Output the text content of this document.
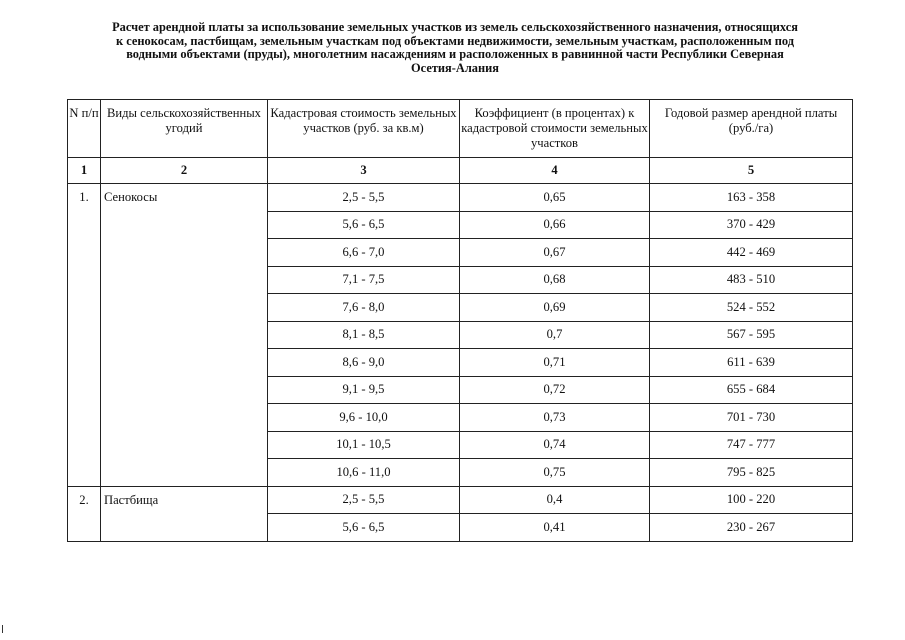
Расчет арендной платы за использование земельных участков из земель сельскохозяйственного назначения, относящихся
к сенокосам, пастбищам, земельным участкам под объектами недвижимости, земельным участкам, расположенным под
водными объектами (пруды), многолетним насаждениям и расположенных в равнинной части Республики Северная
Осетия-Алания
N п/п	Виды сельскохозяйственных угодий	Кадастровая стоимость земельных участков (руб. за кв.м)	Коэффициент (в процентах) к кадастровой стоимости земельных участков	Годовой размер арендной платы (руб./га)
1	2	3	4	5
1.	Сенокосы	2,5 - 5,5	0,65	163 - 358
		5,6 - 6,5	0,66	370 - 429
		6,6 - 7,0	0,67	442 - 469
		7,1 - 7,5	0,68	483 - 510
		7,6 - 8,0	0,69	524 - 552
		8,1 - 8,5	0,7	567 - 595
		8,6 - 9,0	0,71	611 - 639
		9,1 - 9,5	0,72	655 - 684
		9,6 - 10,0	0,73	701 - 730
		10,1 - 10,5	0,74	747 - 777
		10,6 - 11,0	0,75	795 - 825
2.	Пастбища	2,5 - 5,5	0,4	100 - 220
		5,6 - 6,5	0,41	230 - 267
